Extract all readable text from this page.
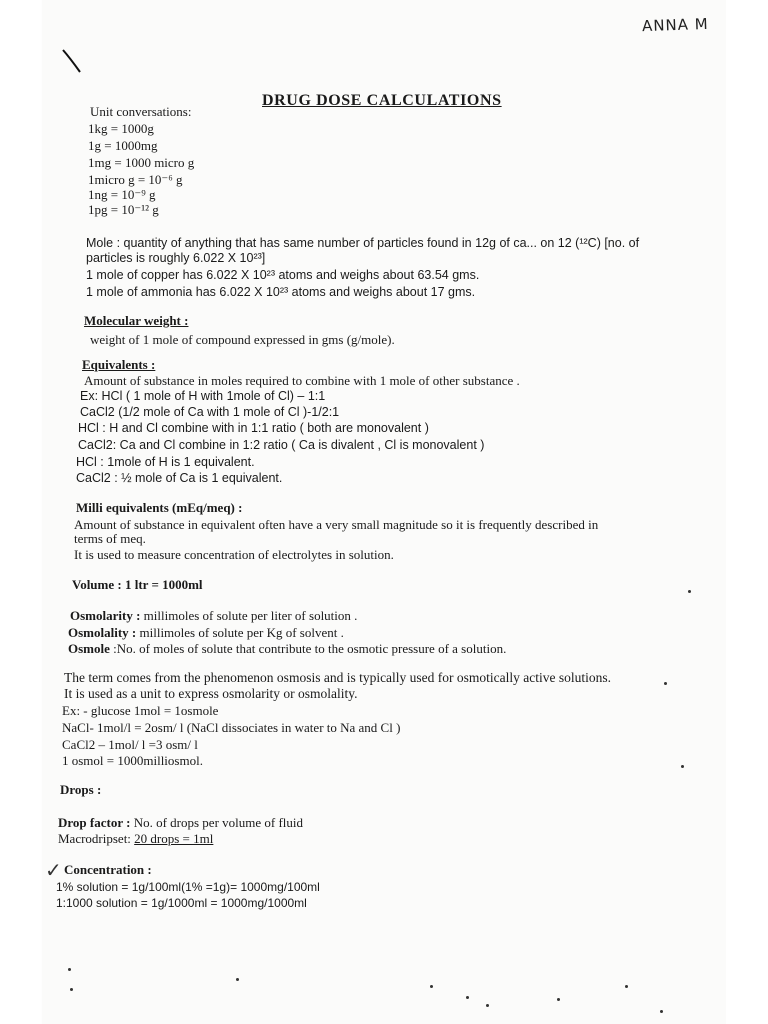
ANNA M
DRUG DOSE CALCULATIONS
Unit conversations:
1kg = 1000g
1g = 1000mg
1mg = 1000 micro g
1micro g = 10⁻⁶ g
1ng = 10⁻⁹ g
1pg = 10⁻¹² g
Mole : quantity of anything that has same number of particles found in 12g of ca... on 12 (¹²C) [no. of
particles is roughly 6.022 X 10²³]
1 mole of copper has 6.022 X 10²³ atoms and weighs about 63.54 gms.
1 mole of ammonia has 6.022 X 10²³ atoms and weighs about 17 gms.
Molecular weight :
weight of 1 mole of compound expressed in gms (g/mole).
Equivalents :
Amount of substance in moles required to combine with 1 mole of other substance .
Ex: HCl ( 1 mole of H with 1mole of Cl) – 1:1
CaCl2 (1/2 mole of Ca with 1 mole of Cl )-1/2:1
HCl : H and Cl combine with in 1:1 ratio ( both are monovalent )
CaCl2: Ca and Cl combine in 1:2 ratio ( Ca is divalent , Cl is monovalent )
HCl : 1mole of H is 1 equivalent.
CaCl2 : ½ mole of Ca is 1 equivalent.
Milli equivalents (mEq/meq) :
Amount of substance in equivalent often have a very small magnitude so it is frequently described in
terms of meq.
It is used to measure concentration of electrolytes in solution.
Volume : 1 ltr = 1000ml
Osmolarity : millimoles of solute per liter of solution .
Osmolality : millimoles of solute per Kg of solvent .
Osmole :No. of moles of solute that contribute to the osmotic pressure of a solution.
The term comes from the phenomenon osmosis and is typically used for osmotically active solutions.
It is used as a unit to express osmolarity or osmolality.
Ex: - glucose 1mol = 1osmole
NaCl- 1mol/l = 2osm/ l (NaCl dissociates in water to Na and Cl )
CaCl2 – 1mol/ l =3 osm/ l
1 osmol = 1000milliosmol.
Drops :
Drop factor : No. of drops per volume of fluid
Macrodripset: 20 drops = 1ml
✓ Concentration :
1% solution = 1g/100ml(1% =1g)= 1000mg/100ml
1:1000 solution = 1g/1000ml = 1000mg/1000ml
